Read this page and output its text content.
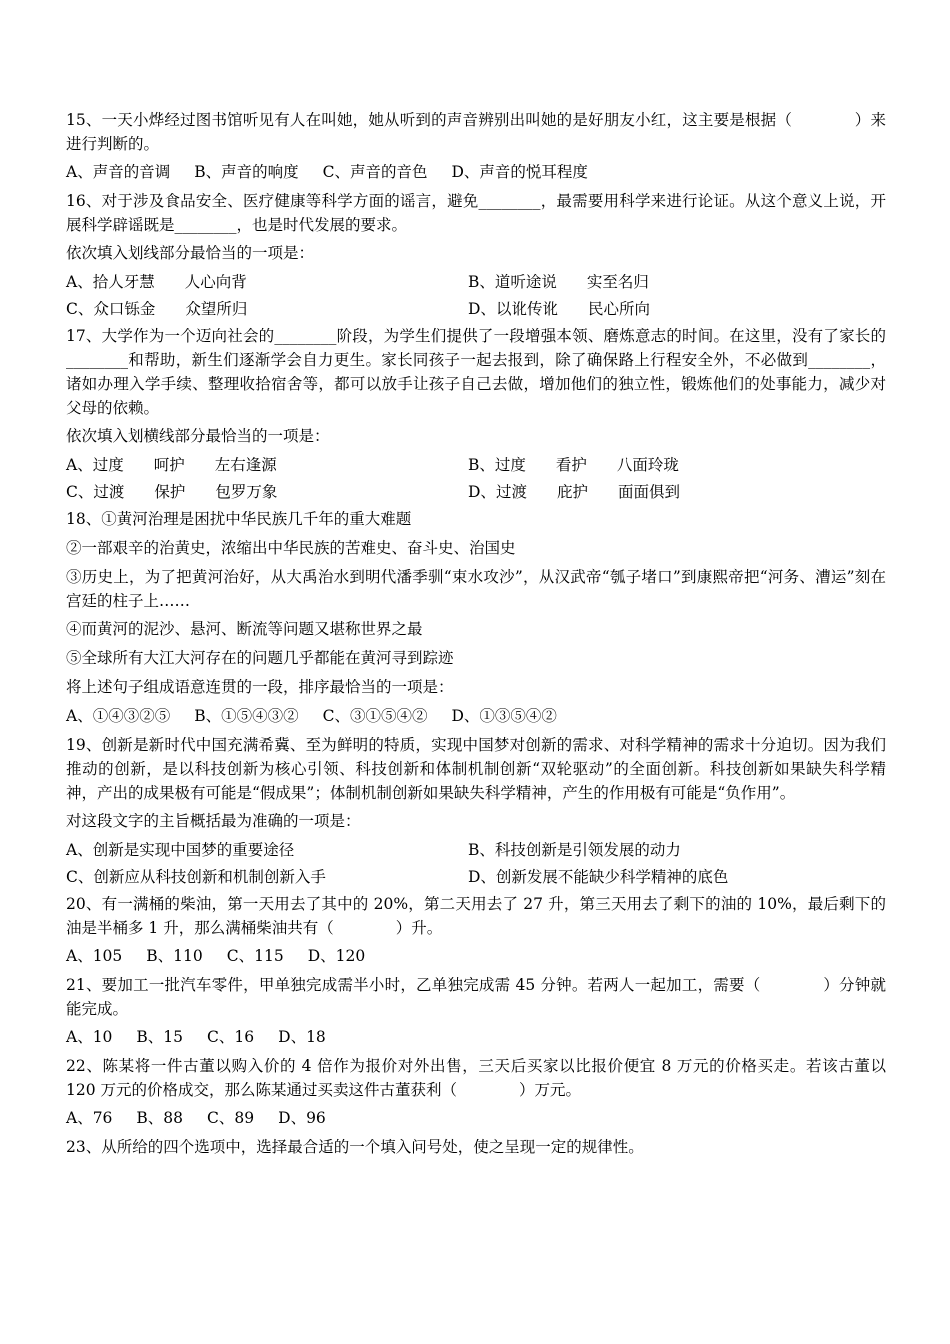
15、一天小烨经过图书馆听见有人在叫她，她从听到的声音辨别出叫她的是好朋友小红，这主要是根据（　　　　）来进行判断的。

A、声音的音调 B、声音的响度 C、声音的音色 D、声音的悦耳程度

16、对于涉及食品安全、医疗健康等科学方面的谣言，避免________，最需要用科学来进行论证。从这个意义上说，开展科学辟谣既是________，也是时代发展的要求。

依次填入划线部分最恰当的一项是：

A、拾人牙慧 人心向背	B、道听途说 实至名归
C、众口铄金 众望所归	D、以讹传讹 民心所向

17、大学作为一个迈向社会的________阶段，为学生们提供了一段增强本领、磨炼意志的时间。在这里，没有了家长的________和帮助，新生们逐渐学会自力更生。家长同孩子一起去报到，除了确保路上行程安全外，不必做到________，诸如办理入学手续、整理收拾宿舍等，都可以放手让孩子自己去做，增加他们的独立性，锻炼他们的处事能力，减少对父母的依赖。

依次填入划横线部分最恰当的一项是：

A、过度 呵护 左右逢源	B、过度 看护 八面玲珑
C、过渡 保护 包罗万象	D、过渡 庇护 面面俱到

18、①黄河治理是困扰中华民族几千年的重大难题

②一部艰辛的治黄史，浓缩出中华民族的苦难史、奋斗史、治国史

③历史上，为了把黄河治好，从大禹治水到明代潘季驯“束水攻沙”，从汉武帝“瓠子堵口”到康熙帝把“河务、漕运”刻在宫廷的柱子上……

④而黄河的泥沙、悬河、断流等问题又堪称世界之最

⑤全球所有大江大河存在的问题几乎都能在黄河寻到踪迹

将上述句子组成语意连贯的一段，排序最恰当的一项是：

A、①④③②⑤ B、①⑤④③② C、③①⑤④② D、①③⑤④②

19、创新是新时代中国充满希冀、至为鲜明的特质，实现中国梦对创新的需求、对科学精神的需求十分迫切。因为我们推动的创新，是以科技创新为核心引领、科技创新和体制机制创新“双轮驱动”的全面创新。科技创新如果缺失科学精神，产出的成果极有可能是“假成果”；体制机制创新如果缺失科学精神，产生的作用极有可能是“负作用”。

对这段文字的主旨概括最为准确的一项是：

A、创新是实现中国梦的重要途径	B、科技创新是引领发展的动力
C、创新应从科技创新和机制创新入手	D、创新发展不能缺少科学精神的底色

20、有一满桶的柴油，第一天用去了其中的 20%，第二天用去了 27 升，第三天用去了剩下的油的 10%，最后剩下的油是半桶多 1 升，那么满桶柴油共有（　　　　）升。

A、105 B、110 C、115 D、120

21、要加工一批汽车零件，甲单独完成需半小时，乙单独完成需 45 分钟。若两人一起加工，需要（　　　　）分钟就能完成。

A、10 B、15 C、16 D、18

22、陈某将一件古董以购入价的 4 倍作为报价对外出售，三天后买家以比报价便宜 8 万元的价格买走。若该古董以 120 万元的价格成交，那么陈某通过买卖这件古董获利（　　　　）万元。

A、76 B、88 C、89 D、96

23、从所给的四个选项中，选择最合适的一个填入问号处，使之呈现一定的规律性。
